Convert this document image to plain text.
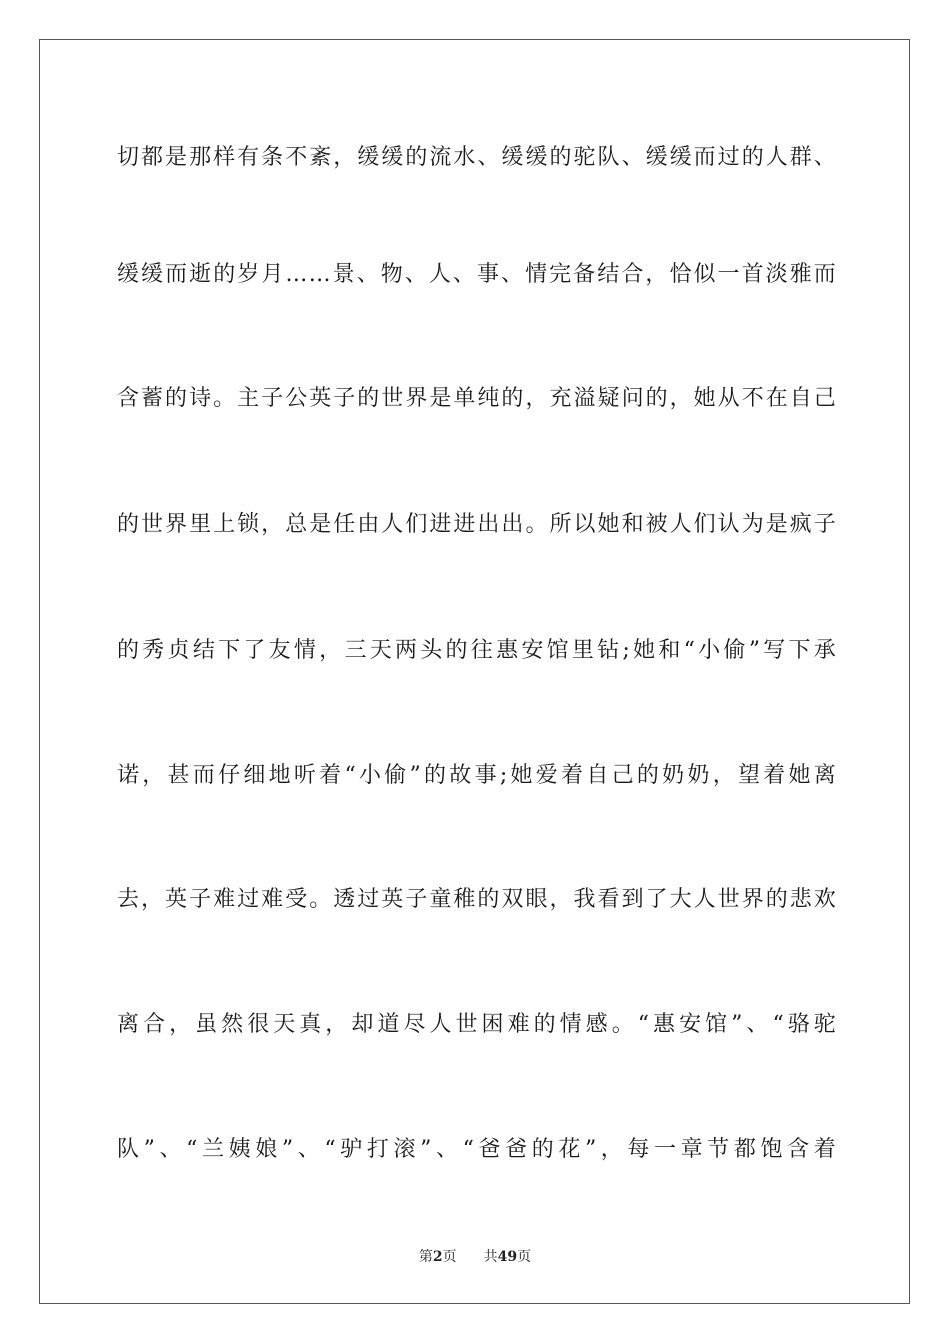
切都是那样有条不紊，缓缓的流水、缓缓的驼队、缓缓而过的人群、
缓缓而逝的岁月……景、物、人、事、情完备结合，恰似一首淡雅而
含蓄的诗。主子公英子的世界是单纯的，充溢疑问的，她从不在自己
的世界里上锁，总是任由人们进进出出。所以她和被人们认为是疯子
的秀贞结下了友情，三天两头的往惠安馆里钻;她和“小偷”写下承
诺，甚而仔细地听着“小偷”的故事;她爱着自己的奶奶，望着她离
去，英子难过难受。透过英子童稚的双眼，我看到了大人世界的悲欢
离合，虽然很天真，却道尽人世困难的情感。“惠安馆”、“骆驼
队”、“兰姨娘”、“驴打滚”、“爸爸的花”，每一章节都饱含着
第2页 共49页
